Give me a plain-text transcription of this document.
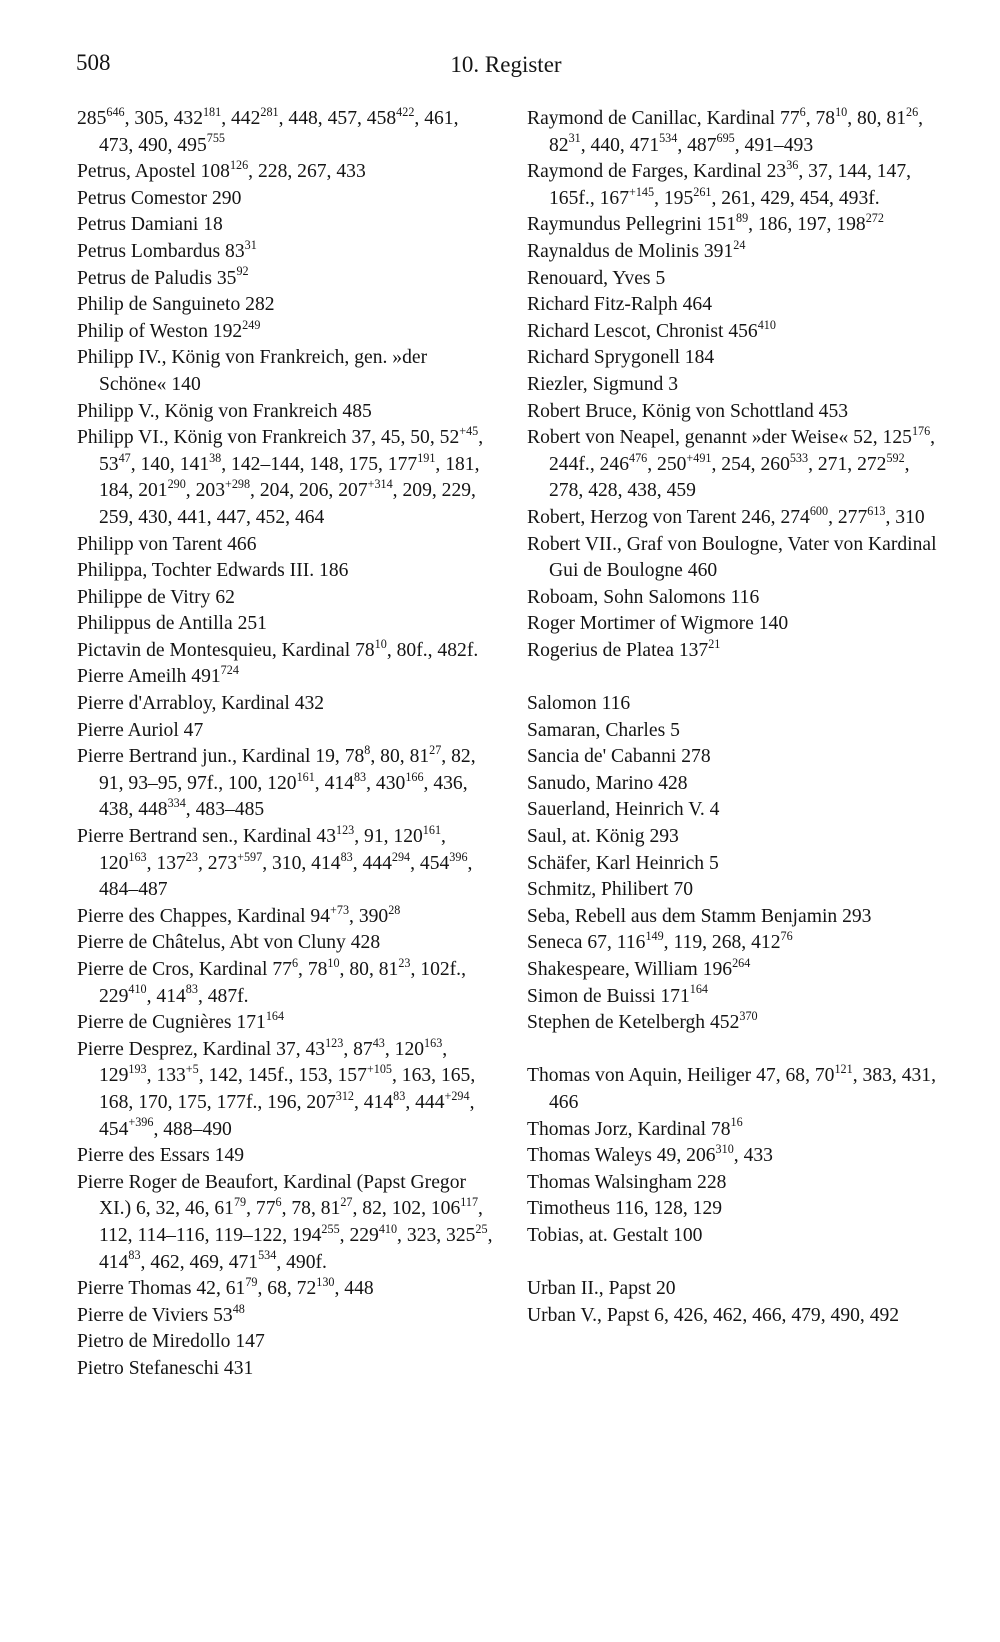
508	10. Register

$285^{646}$, 305, $432^{181}$, $442^{281}$, 448, 457, $458^{422}$, 461, 473, 490, $495^{755}$

Petrus, Apostel $108^{126}$, 228, 267, 433

Petrus Comestor 290

Petrus Damiani 18

Petrus Lombardus $83^{31}$

Petrus de Paludis $35^{92}$

Philip de Sanguineto 282

Philip of Weston $192^{249}$

Philipp IV., König von Frankreich, gen. »der Schöne« 140

Philipp V., König von Frankreich 485

Philipp VI., König von Frankreich 37, 45, 50, $52^{+45}$, $53^{47}$, 140, $141^{38}$, 142–144, 148, 175, $177^{191}$, 181, 184, $201^{290}$, $203^{+298}$, 204, 206, $207^{+314}$, 209, 229, 259, 430, 441, 447, 452, 464

Philipp von Tarent 466

Philippa, Tochter Edwards III. 186

Philippe de Vitry 62

Philippus de Antilla 251

Pictavin de Montesquieu, Kardinal $78^{10}$, 80f., 482f.

Pierre Ameilh $491^{724}$

Pierre d'Arrabloy, Kardinal 432

Pierre Auriol 47

Pierre Bertrand jun., Kardinal 19, $78^8$, 80, $81^{27}$, 82, 91, 93–95, 97f., 100, $120^{161}$, $414^{83}$, $430^{166}$, 436, 438, $448^{334}$, 483–485

Pierre Bertrand sen., Kardinal $43^{123}$, 91, $120^{161}$, $120^{163}$, $137^{23}$, $273^{+597}$, 310, $414^{83}$, $444^{294}$, $454^{396}$, 484–487

Pierre des Chappes, Kardinal $94^{+73}$, $390^{28}$

Pierre de Châtelus, Abt von Cluny 428

Pierre de Cros, Kardinal $77^6$, $78^{10}$, 80, $81^{23}$, 102f., $229^{410}$, $414^{83}$, 487f.

Pierre de Cugnières $171^{164}$

Pierre Desprez, Kardinal 37, $43^{123}$, $87^{43}$, $120^{163}$, $129^{193}$, $133^{+5}$, 142, 145f., 153, $157^{+105}$, 163, 165, 168, 170, 175, 177f., 196, $207^{312}$, $414^{83}$, $444^{+294}$, $454^{+396}$, 488–490

Pierre des Essars 149

Pierre Roger de Beaufort, Kardinal (Papst Gregor XI.) 6, 32, 46, $61^{79}$, $77^6$, 78, $81^{27}$, 82, 102, $106^{117}$, 112, 114–116, 119–122, $194^{255}$, $229^{410}$, 323, $325^{25}$, $414^{83}$, 462, 469, $471^{534}$, 490f.

Pierre Thomas 42, $61^{79}$, 68, $72^{130}$, 448

Pierre de Viviers $53^{48}$

Pietro de Miredollo 147

Pietro Stefaneschi 431

Raymond de Canillac, Kardinal $77^6$, $78^{10}$, 80, $81^{26}$, $82^{31}$, 440, $471^{534}$, $487^{695}$, 491–493

Raymond de Farges, Kardinal $23^{36}$, 37, 144, 147, 165f., $167^{+145}$, $195^{261}$, 261, 429, 454, 493f.

Raymundus Pellegrini $151^{89}$, 186, 197, $198^{272}$

Raynaldus de Molinis $391^{24}$

Renouard, Yves 5

Richard Fitz-Ralph 464

Richard Lescot, Chronist $456^{410}$

Richard Sprygonell 184

Riezler, Sigmund 3

Robert Bruce, König von Schottland 453

Robert von Neapel, genannt »der Weise« 52, $125^{176}$, 244f., $246^{476}$, $250^{+491}$, 254, $260^{533}$, 271, $272^{592}$, 278, 428, 438, 459

Robert, Herzog von Tarent 246, $274^{600}$, $277^{613}$, 310

Robert VII., Graf von Boulogne, Vater von Kardinal Gui de Boulogne 460

Roboam, Sohn Salomons 116

Roger Mortimer of Wigmore 140

Rogerius de Platea $137^{21}$

Salomon 116

Samaran, Charles 5

Sancia de' Cabanni 278

Sanudo, Marino 428

Sauerland, Heinrich V. 4

Saul, at. König 293

Schäfer, Karl Heinrich 5

Schmitz, Philibert 70

Seba, Rebell aus dem Stamm Benjamin 293

Seneca 67, $116^{149}$, 119, 268, $412^{76}$

Shakespeare, William $196^{264}$

Simon de Buissi $171^{164}$

Stephen de Ketelbergh $452^{370}$

Thomas von Aquin, Heiliger 47, 68, $70^{121}$, 383, 431, 466

Thomas Jorz, Kardinal $78^{16}$

Thomas Waleys 49, $206^{310}$, 433

Thomas Walsingham 228

Timotheus 116, 128, 129

Tobias, at. Gestalt 100

Urban II., Papst 20

Urban V., Papst 6, 426, 462, 466, 479, 490, 492
